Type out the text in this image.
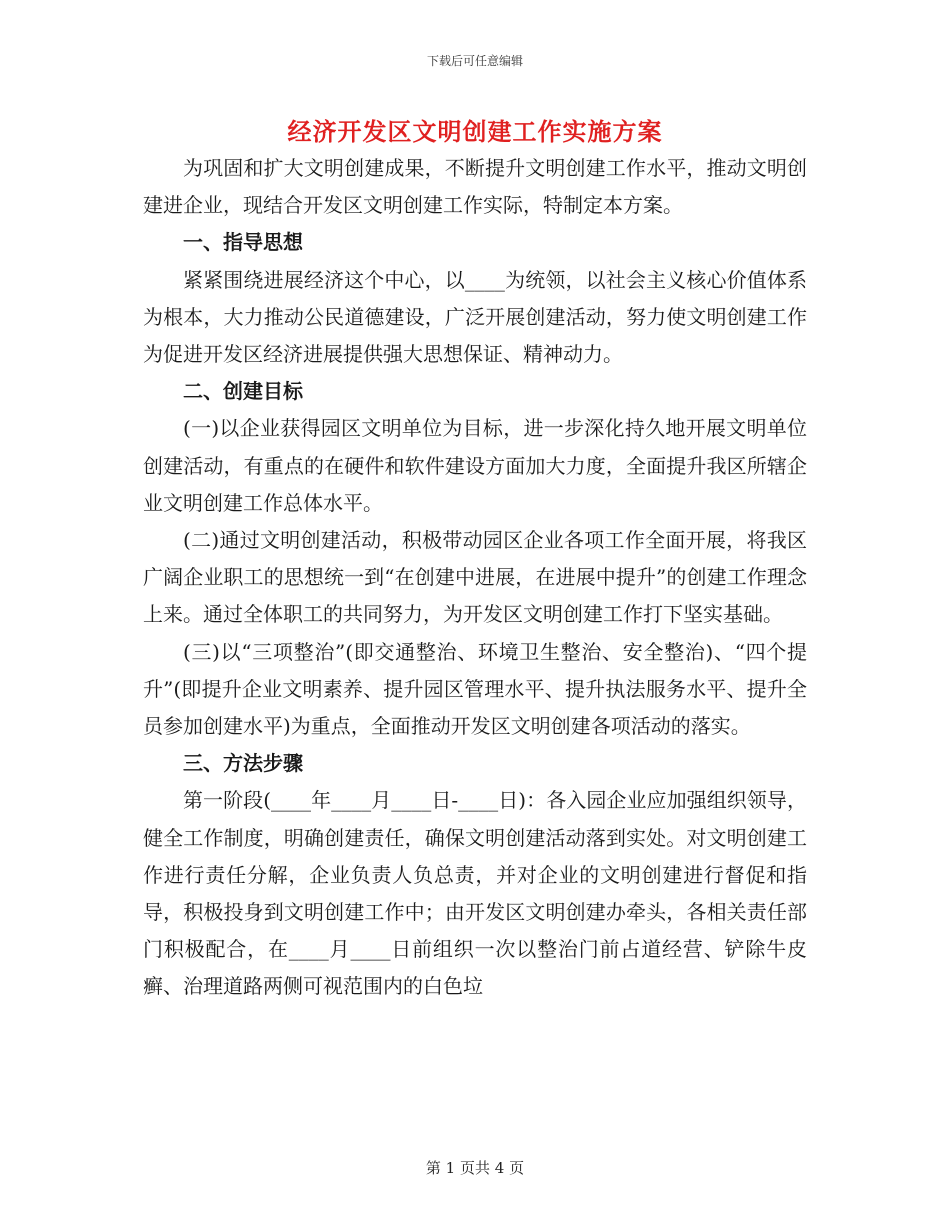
下载后可任意编辑
经济开发区文明创建工作实施方案

为巩固和扩大文明创建成果，不断提升文明创建工作水平，推动文明创建进企业，现结合开发区文明创建工作实际，特制定本方案。

一、指导思想

紧紧围绕进展经济这个中心，以____为统领，以社会主义核心价值体系为根本，大力推动公民道德建设，广泛开展创建活动，努力使文明创建工作为促进开发区经济进展提供强大思想保证、精神动力。

二、创建目标

(一)以企业获得园区文明单位为目标，进一步深化持久地开展文明单位创建活动，有重点的在硬件和软件建设方面加大力度，全面提升我区所辖企业文明创建工作总体水平。

(二)通过文明创建活动，积极带动园区企业各项工作全面开展，将我区广阔企业职工的思想统一到“在创建中进展，在进展中提升”的创建工作理念上来。通过全体职工的共同努力，为开发区文明创建工作打下坚实基础。

(三)以“三项整治”(即交通整治、环境卫生整治、安全整治)、“四个提升”(即提升企业文明素养、提升园区管理水平、提升执法服务水平、提升全员参加创建水平)为重点，全面推动开发区文明创建各项活动的落实。

三、方法步骤

第一阶段(____年____月____日-____日)：各入园企业应加强组织领导，健全工作制度，明确创建责任，确保文明创建活动落到实处。对文明创建工作进行责任分解，企业负责人负总责，并对企业的文明创建进行督促和指导，积极投身到文明创建工作中；由开发区文明创建办牵头，各相关责任部门积极配合，在____月____日前组织一次以整治门前占道经营、铲除牛皮癣、治理道路两侧可视范围内的白色垃

第 1 页共 4 页
